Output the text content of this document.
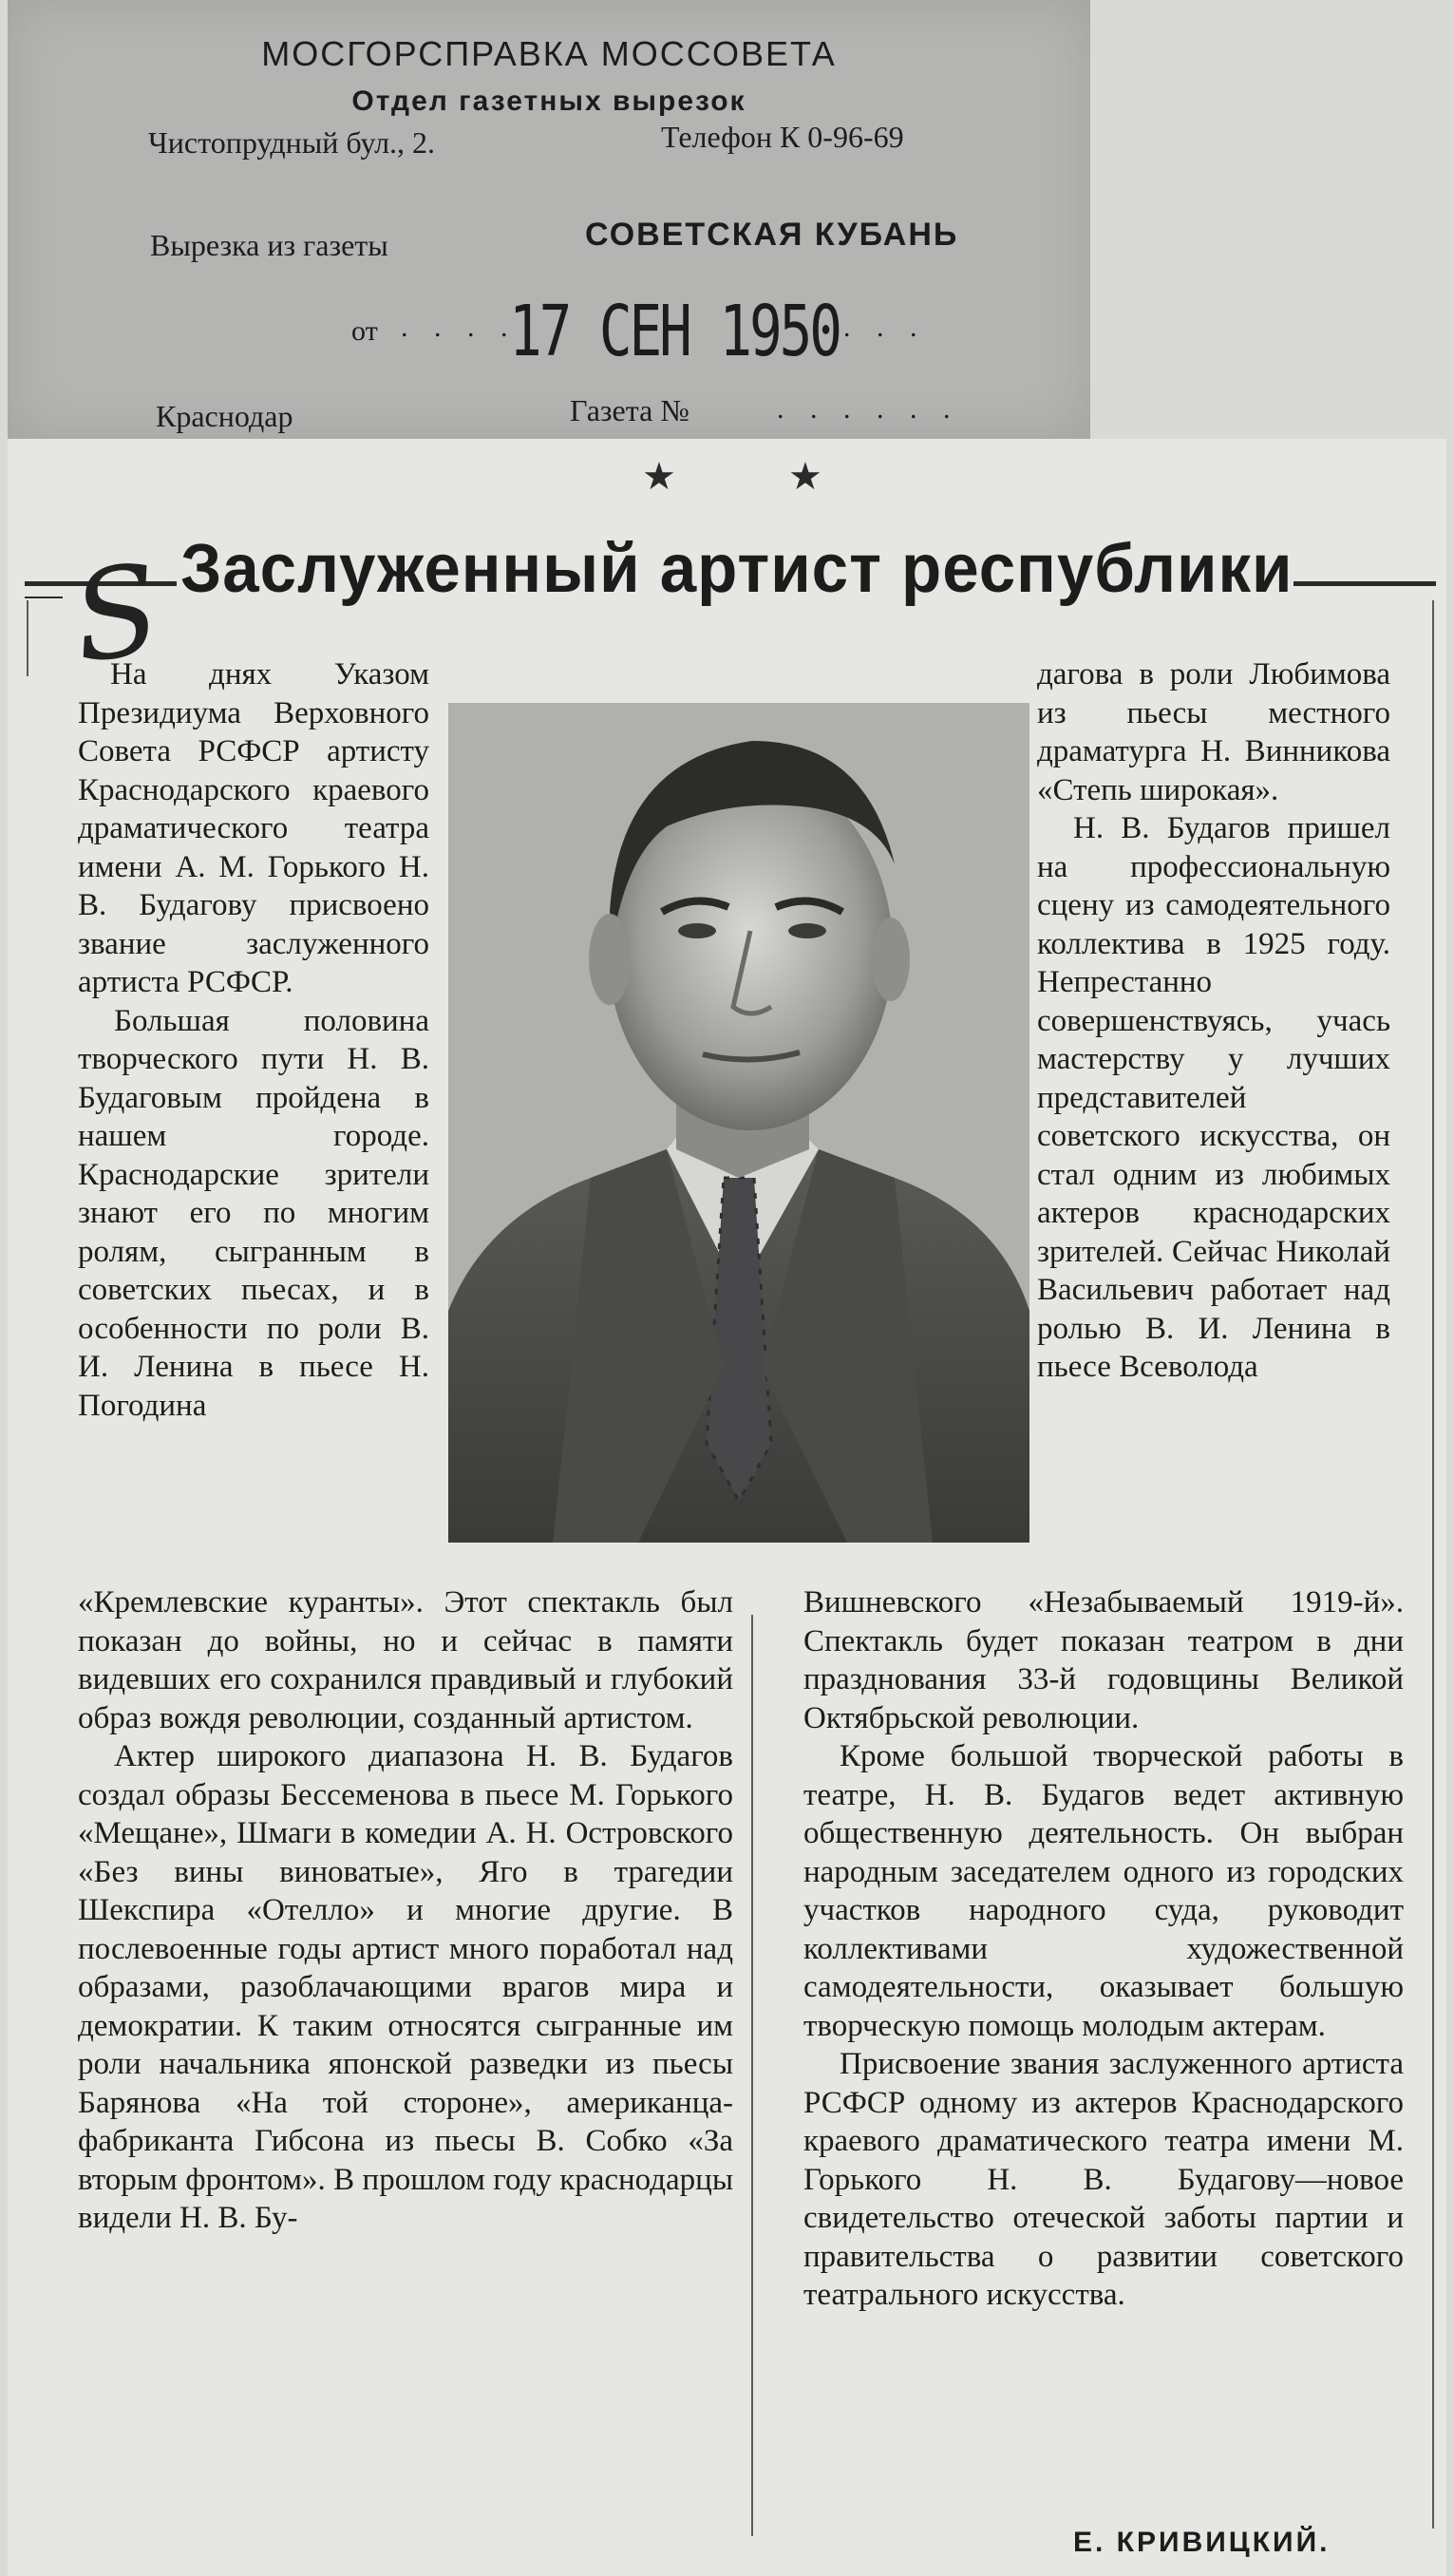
МОСГОРСПРАВКА МОССОВЕТА
Отдел газетных вырезок
Чистопрудный бул., 2.	Телефон К 0-96-69
Вырезка из газеты	СОВЕТСКАЯ КУБАНЬ
от . . . .
17 СЕН 1950 . . .
Краснодар	Газета №	. . . . . .
★	★
S Заслуженный артист республики

На днях Указом Президиума Верховного Совета РСФСР артисту Краснодарского краевого драматического театра имени А. М. Горького Н. В. Будагову присвоено звание заслуженного артиста РСФСР.

Большая половина творческого пути Н. В. Будаговым пройдена в нашем городе. Краснодарские зрители знают его по многим ролям, сыгранным в советских пьесах, и в особенности по роли В. И. Ленина в пьесе Н. Погодина

«Кремлевские куранты». Этот спектакль был показан до войны, но и сейчас в памяти видевших его сохранился правдивый и глубокий образ вождя революции, созданный артистом.

Актер широкого диапазона Н. В. Будагов создал образы Бессеменова в пьесе М. Горького «Мещане», Шмаги в комедии А. Н. Островского «Без вины виноватые», Яго в трагедии Шекспира «Отелло» и многие другие. В послевоенные годы артист много поработал над образами, разоблачающими врагов мира и демократии. К таким относятся сыгранные им роли начальника японской разведки из пьесы Барянова «На той стороне», американца-фабриканта Гибсона из пьесы В. Собко «За вторым фронтом». В прошлом году краснодарцы видели Н. В. Бу-

дагова в роли Любимова из пьесы местного драматурга Н. Винникова «Степь широкая».

Н. В. Будагов пришел на профессиональную сцену из самодеятельного коллектива в 1925 году. Непрестанно совершенствуясь, учась мастерству у лучших представителей советского искусства, он стал одним из любимых актеров краснодарских зрителей. Сейчас Николай Васильевич работает над ролью В. И. Ленина в пьесе Всеволода

Вишневского «Незабываемый 1919-й». Спектакль будет показан театром в дни празднования 33-й годовщины Великой Октябрьской революции.

Кроме большой творческой работы в театре, Н. В. Будагов ведет активную общественную деятельность. Он выбран народным заседателем одного из городских участков народного суда, руководит коллективами художественной самодеятельности, оказывает большую творческую помощь молодым актерам.

Присвоение звания заслуженного артиста РСФСР одному из актеров Краснодарского краевого драматического театра имени М. Горького Н. В. Будагову—новое свидетельство отеческой заботы партии и правительства о развитии советского театрального искусства.

Е. КРИВИЦКИЙ.
